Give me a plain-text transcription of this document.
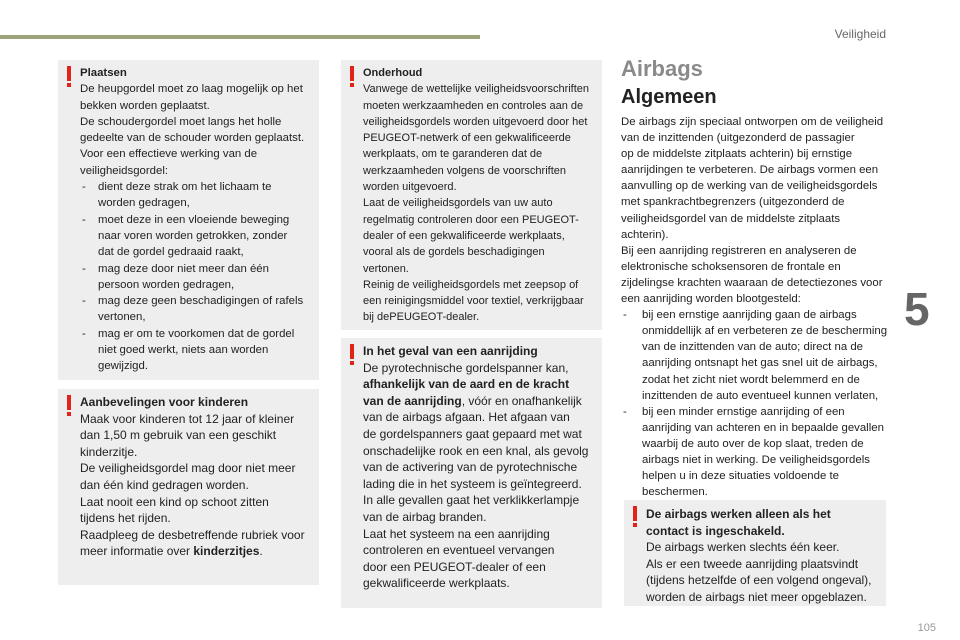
Veiligheid
5
Plaatsen
De heupgordel moet zo laag mogelijk op het
bekken worden geplaatst.
De schoudergordel moet langs het holle
gedeelte van de schouder worden geplaatst.
Voor een effectieve werking van de
veiligheidsgordel:
- dient deze strak om het lichaam te
worden gedragen,
- moet deze in een vloeiende beweging
naar voren worden getrokken, zonder
dat de gordel gedraaid raakt,
- mag deze door niet meer dan één
persoon worden gedragen,
- mag deze geen beschadigingen of rafels
vertonen,
- mag er om te voorkomen dat de gordel
niet goed werkt, niets aan worden
gewijzigd.
Aanbevelingen voor kinderen
Maak voor kinderen tot 12 jaar of kleiner
dan 1,50 m gebruik van een geschikt
kinderzitje.
De veiligheidsgordel mag door niet meer
dan één kind gedragen worden.
Laat nooit een kind op schoot zitten
tijdens het rijden.
Raadpleeg de desbetreffende rubriek voor
meer informatie over kinderzitjes.
Onderhoud
Vanwege de wettelijke veiligheidsvoorschriften
moeten werkzaamheden en controles aan de
veiligheidsgordels worden uitgevoerd door het
PEUGEOT-netwerk of een gekwalificeerde
werkplaats, om te garanderen dat de
werkzaamheden volgens de voorschriften
worden uitgevoerd.
Laat de veiligheidsgordels van uw auto
regelmatig controleren door een PEUGEOT-
dealer of een gekwalificeerde werkplaats,
vooral als de gordels beschadigingen
vertonen.
Reinig de veiligheidsgordels met zeepsop of
een reinigingsmiddel voor textiel, verkrijgbaar
bij dePEUGEOT-dealer.
In het geval van een aanrijding
De pyrotechnische gordelspanner kan,
afhankelijk van de aard en de kracht
van de aanrijding, vóór en onafhankelijk
van de airbags afgaan. Het afgaan van
de gordelspanners gaat gepaard met wat
onschadelijke rook en een knal, als gevolg
van de activering van de pyrotechnische
lading die in het systeem is geïntegreerd.
In alle gevallen gaat het verklikkerlampje
van de airbag branden.
Laat het systeem na een aanrijding
controleren en eventueel vervangen
door een PEUGEOT-dealer of een
gekwalificeerde werkplaats.
Airbags
Algemeen
De airbags zijn speciaal ontworpen om de veiligheid
van de inzittenden (uitgezonderd de passagier
op de middelste zitplaats achterin) bij ernstige
aanrijdingen te verbeteren. De airbags vormen een
aanvulling op de werking van de veiligheidsgordels
met spankrachtbegrenzers (uitgezonderd de
veiligheidsgordel van de middelste zitplaats
achterin).
Bij een aanrijding registreren en analyseren de
elektronische schoksensoren de frontale en
zijdelingse krachten waaraan de detectiezones voor
een aanrijding worden blootgesteld:
- bij een ernstige aanrijding gaan de airbags
onmiddellijk af en verbeteren ze de bescherming
van de inzittenden van de auto; direct na de
aanrijding ontsnapt het gas snel uit de airbags,
zodat het zicht niet wordt belemmerd en de
inzittenden de auto eventueel kunnen verlaten,
- bij een minder ernstige aanrijding of een
aanrijding van achteren en in bepaalde gevallen
waarbij de auto over de kop slaat, treden de
airbags niet in werking. De veiligheidsgordels
helpen u in deze situaties voldoende te
beschermen.
De airbags werken alleen als het
contact is ingeschakeld.
De airbags werken slechts één keer.
Als er een tweede aanrijding plaatsvindt
(tijdens hetzelfde of een volgend ongeval),
worden de airbags niet meer opgeblazen.
105
